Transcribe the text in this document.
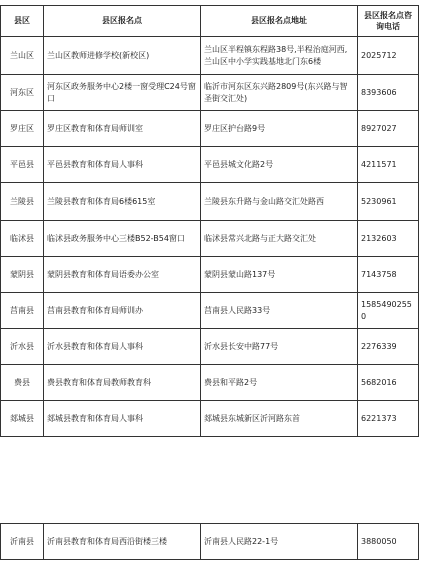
县区	县区报名点	县区报名点地址	县区报名点咨询电话
兰山区	兰山区教师进修学校(新校区)	兰山区半程镇东程路38号,半程治庭河西,兰山区中小学实践基地北门东6楼	2025712
河东区	河东区政务服务中心2楼一窗受理C24号窗口	临沂市河东区东兴路2809号(东兴路与智圣街交汇处)	8393606
罗庄区	罗庄区教育和体育局师训室	罗庄区护台路9号	8927027
平邑县	平邑县教育和体育局人事科	平邑县城文化路2号	4211571
兰陵县	兰陵县教育和体育局6楼615室	兰陵县东升路与金山路交汇处路西	5230961
临沭县	临沭县政务服务中心三楼B52-B54窗口	临沭县常兴北路与正大路交汇处	2132603
蒙阴县	蒙阴县教育和体育局语委办公室	蒙阴县蒙山路137号	7143758
莒南县	莒南县教育和体育局师训办	莒南县人民路33号	15854902550
沂水县	沂水县教育和体育局人事科	沂水县长安中路77号	2276339
费县	费县教育和体育局教师教育科	费县和平路2号	5682016
郯城县	郯城县教育和体育局人事科	郯城县东城新区沂河路东首	6221373
沂南县	沂南县教育和体育局西沿街楼三楼	沂南县人民路22-1号	3880050
